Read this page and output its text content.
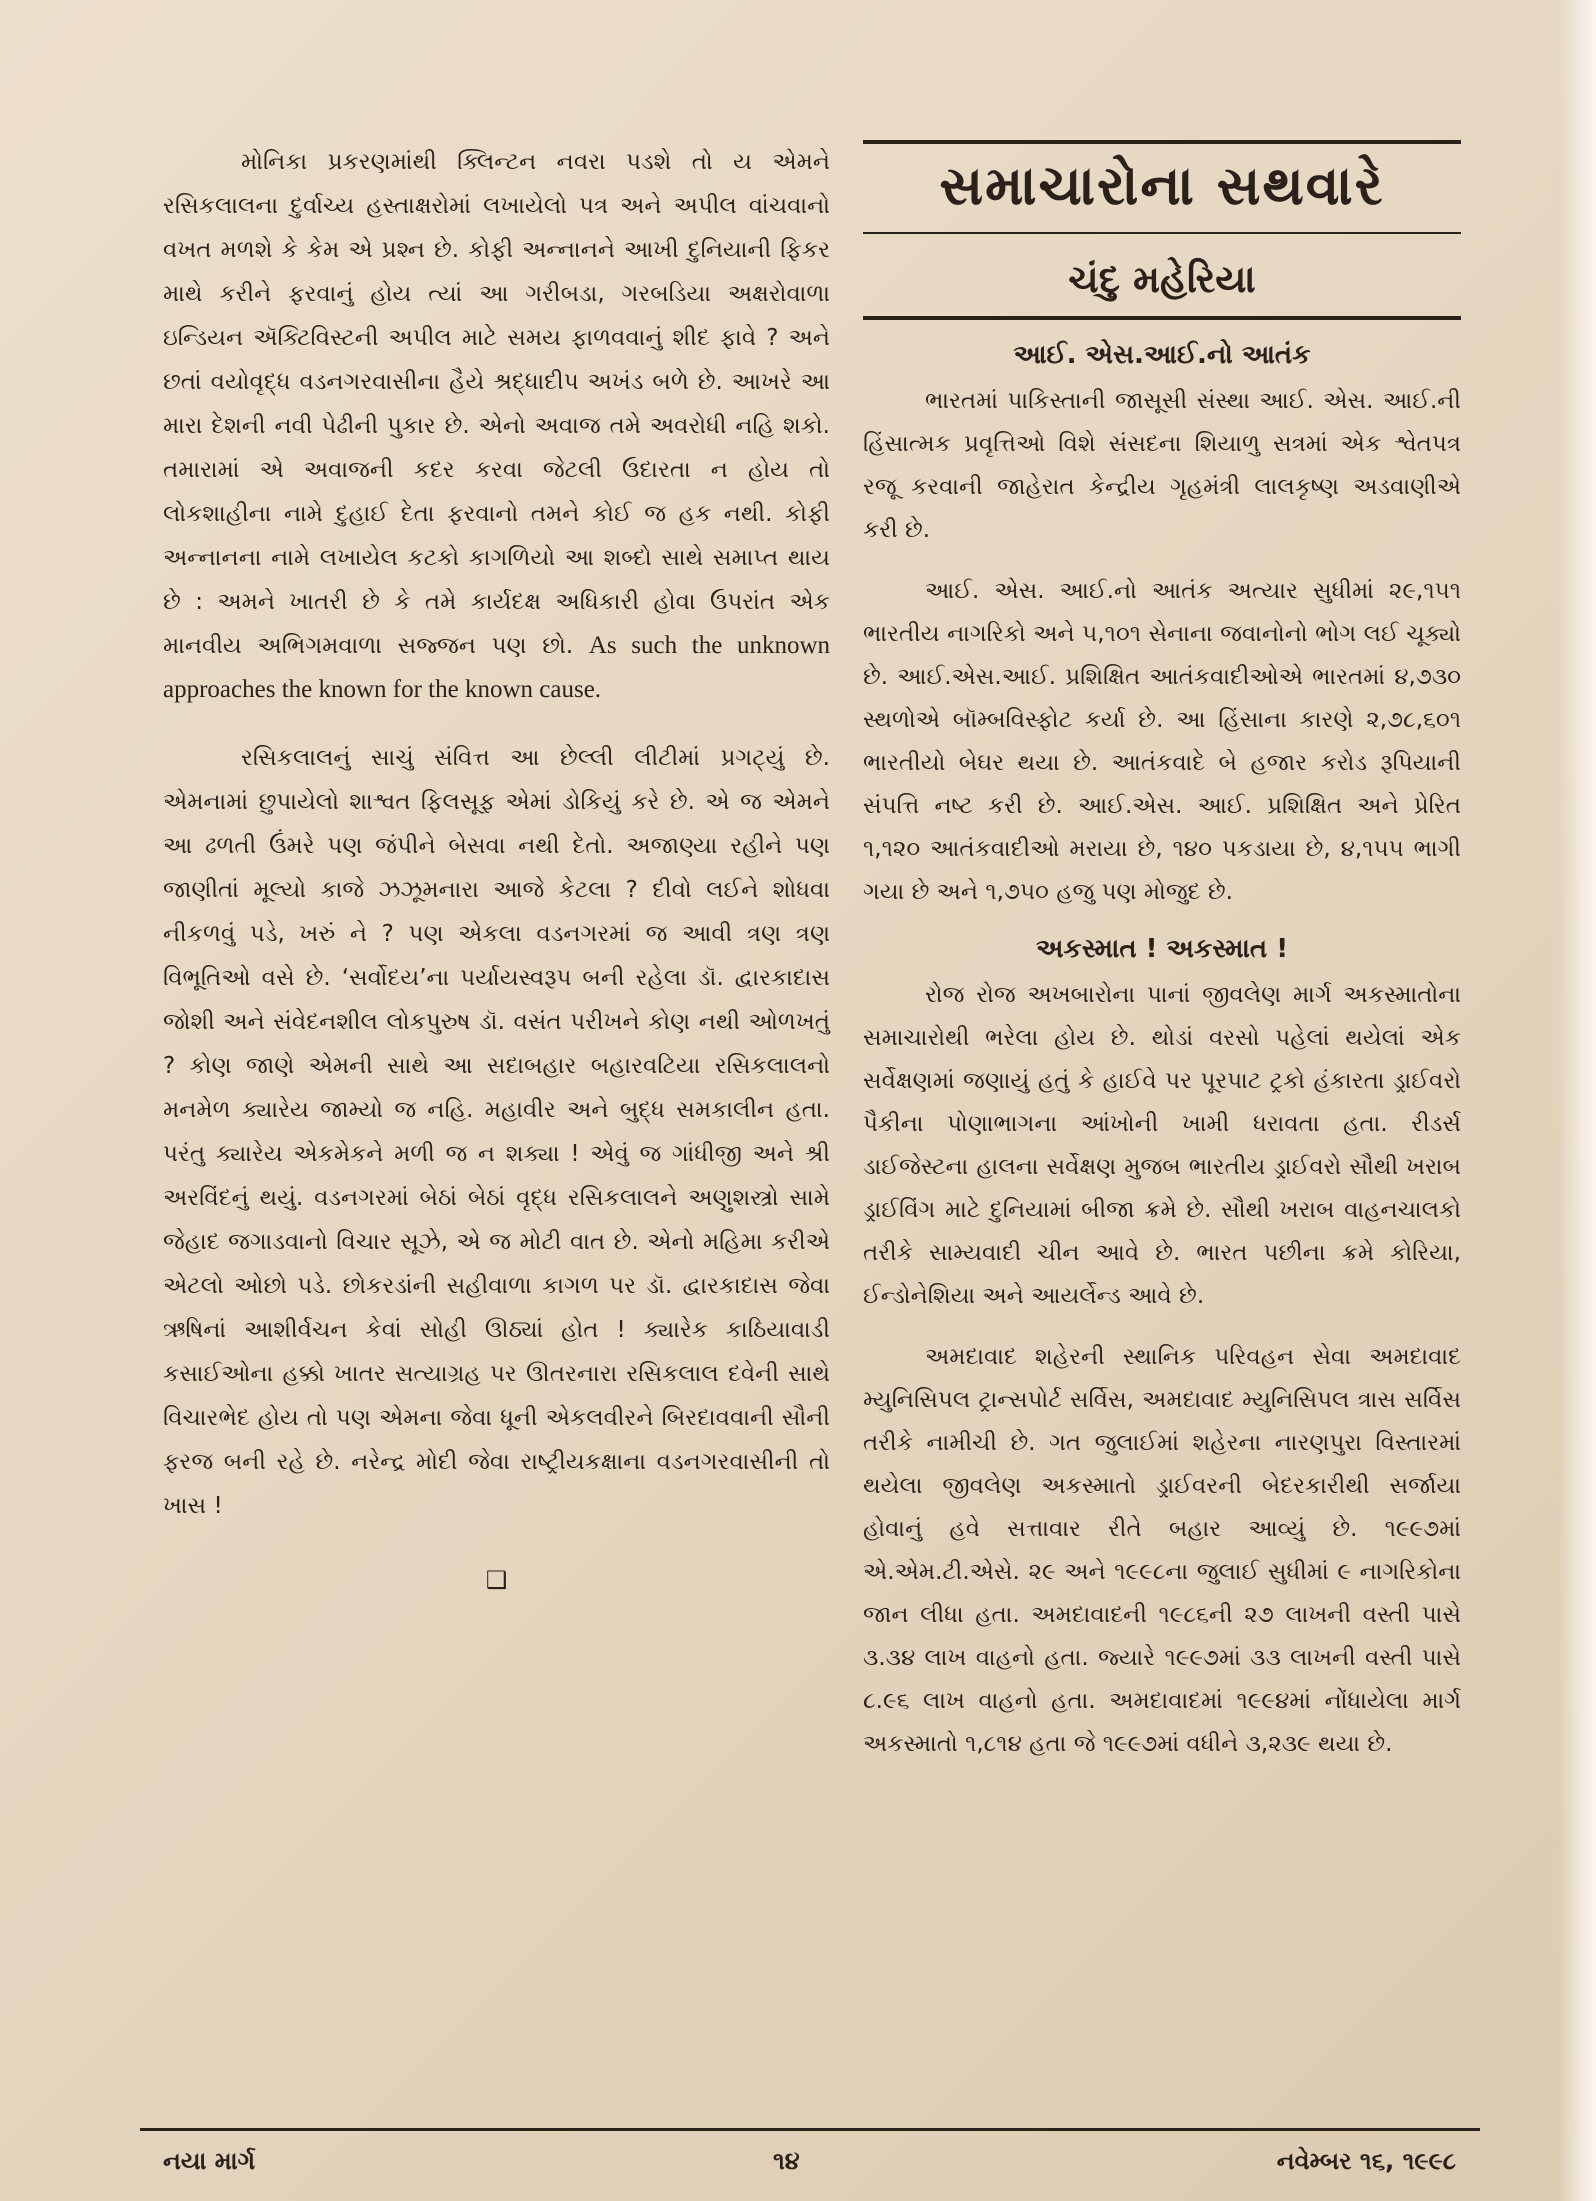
મોનિકા પ્રકરણમાંથી ક્લિન્ટન નવરા પડશે તો ય એમને રસિકલાલના દુર્વાચ્ય હસ્તાક્ષરોમાં લખાયેલો પત્ર અને અપીલ વાંચવાનો વખત મળશે કે કેમ એ પ્રશ્ન છે. કોફી અન્નાનને આખી દુનિયાની ફિકર માથે કરીને ફરવાનું હોય ત્યાં આ ગરીબડા, ગરબડિયા અક્ષરોવાળા ઇન્ડિયન ઍક્ટિવિસ્ટની અપીલ માટે સમય ફાળવવાનું શીદ ફાવે ? અને છતાં વયોવૃદ્ધ વડનગરવાસીના હૈયે શ્રદ્ધાદીપ અખંડ બળે છે. આખરે આ મારા દેશની નવી પેઢીની પુકાર છે. એનો અવાજ તમે અવરોધી નહિ શકો. તમારામાં એ અવાજની કદર કરવા જેટલી ઉદારતા ન હોય તો લોકશાહીના નામે દુહાઈ દેતા ફરવાનો તમને કોઈ જ હક નથી. કોફી અન્નાનના નામે લખાયેલ કટકો કાગળિયો આ શબ્દો સાથે સમાપ્ત થાય છે : અમને ખાતરી છે કે તમે કાર્યદક્ષ અધિકારી હોવા ઉપરાંત એક માનવીય અભિગમવાળા સજ્જન પણ છો. As such the unknown approaches the known for the known cause.

રસિકલાલનું સાચું સંવિત્ત આ છેલ્લી લીટીમાં પ્રગટ્યું છે. એમનામાં છુપાયેલો શાશ્વત ફિલસૂફ એમાં ડોકિયું કરે છે. એ જ એમને આ ઢળતી ઉંમરે પણ જંપીને બેસવા નથી દેતો. અજાણ્યા રહીને પણ જાણીતાં મૂલ્યો કાજે ઝઝૂમનારા આજે કેટલા ? દીવો લઈને શોધવા નીકળવું પડે, ખરું ને ? પણ એકલા વડનગરમાં જ આવી ત્રણ ત્રણ વિભૂતિઓ વસે છે. ‘સર્વોદય’ના પર્યાયસ્વરૂપ બની રહેલા ડૉ. દ્વારકાદાસ જોશી અને સંવેદનશીલ લોકપુરુષ ડૉ. વસંત પરીખને કોણ નથી ઓળખતું ? કોણ જાણે એમની સાથે આ સદાબહાર બહારવટિયા રસિકલાલનો મનમેળ ક્યારેય જામ્યો જ નહિ. મહાવીર અને બુદ્ધ સમકાલીન હતા. પરંતુ ક્યારેય એકમેકને મળી જ ન શક્યા ! એવું જ ગાંધીજી અને શ્રી અરવિંદનું થયું. વડનગરમાં બેઠાં બેઠાં વૃદ્ધ રસિકલાલને અણુશસ્ત્રો સામે જેહાદ જગાડવાનો વિચાર સૂઝે, એ જ મોટી વાત છે. એનો મહિમા કરીએ એટલો ઓછો પડે. છોકરડાંની સહીવાળા કાગળ પર ડૉ. દ્વારકાદાસ જેવા ઋષિનાં આશીર્વચન કેવાં સોહી ઊઠ્યાં હોત ! ક્યારેક કાઠિયાવાડી કસાઈઓના હક્કો ખાતર સત્યાગ્રહ પર ઊતરનારા રસિકલાલ દવેની સાથે વિચારભેદ હોય તો પણ એમના જેવા ધૂની એકલવીરને બિરદાવવાની સૌની ફરજ બની રહે છે. નરેન્દ્ર મોદી જેવા રાષ્ટ્રીયકક્ષાના વડનગરવાસીની તો ખાસ !

❑
સમાચારોના સથવારે
ચંદુ મહેરિયા
આઈ. એસ.આઈ.નો આતંક

ભારતમાં પાકિસ્તાની જાસૂસી સંસ્થા આઈ. એસ. આઈ.ની હિંસાત્મક પ્રવૃત્તિઓ વિશે સંસદના શિયાળુ સત્રમાં એક શ્વેતપત્ર રજૂ કરવાની જાહેરાત કેન્દ્રીય ગૃહમંત્રી લાલકૃષ્ણ અડવાણીએ કરી છે.

આઈ. એસ. આઈ.નો આતંક અત્યાર સુધીમાં ૨૯,૧૫૧ ભારતીય નાગરિકો અને ૫,૧૦૧ સેનાના જવાનોનો ભોગ લઈ ચૂક્યો છે. આઈ.એસ.આઈ. પ્રશિક્ષિત આતંકવાદીઓએ ભારતમાં ૪,૭૩૦ સ્થળોએ બૉમ્બવિસ્ફોટ કર્યા છે. આ હિંસાના કારણે ૨,૭૮,૬૦૧ ભારતીયો બેઘર થયા છે. આતંકવાદે બે હજાર કરોડ રૂપિયાની સંપત્તિ નષ્ટ કરી છે. આઈ.એસ. આઈ. પ્રશિક્ષિત અને પ્રેરિત ૧,૧૨૦ આતંકવાદીઓ મરાયા છે, ૧૪૦ પકડાયા છે, ૪,૧૫૫ ભાગી ગયા છે અને ૧,૭૫૦ હજુ પણ મોજુદ છે.

અકસ્માત ! અકસ્માત !

રોજ રોજ અખબારોના પાનાં જીવલેણ માર્ગ અકસ્માતોના સમાચારોથી ભરેલા હોય છે. થોડાં વરસો પહેલાં થયેલાં એક સર્વેક્ષણમાં જણાયું હતું કે હાઈવે પર પૂરપાટ ટ્રકો હંકારતા ડ્રાઈવરો પૈકીના પોણાભાગના આંખોની ખામી ધરાવતા હતા. રીડર્સ ડાઈજેસ્ટના હાલના સર્વેક્ષણ મુજબ ભારતીય ડ્રાઈવરો સૌથી ખરાબ ડ્રાઈવિંગ માટે દુનિયામાં બીજા ક્રમે છે. સૌથી ખરાબ વાહનચાલકો તરીકે સામ્યવાદી ચીન આવે છે. ભારત પછીના ક્રમે કોરિયા, ઈન્ડોનેશિયા અને આયર્લેન્ડ આવે છે.

અમદાવાદ શહેરની સ્થાનિક પરિવહન સેવા અમદાવાદ મ્યુનિસિપલ ટ્રાન્સપોર્ટ સર્વિસ, અમદાવાદ મ્યુનિસિપલ ત્રાસ સર્વિસ તરીકે નામીચી છે. ગત જુલાઈમાં શહેરના નારણપુરા વિસ્તારમાં થયેલા જીવલેણ અકસ્માતો ડ્રાઈવરની બેદરકારીથી સર્જાયા હોવાનું હવે સત્તાવાર રીતે બહાર આવ્યું છે. ૧૯૯૭માં એ.એમ.ટી.એસે. ૨૯ અને ૧૯૯૮ના જુલાઈ સુધીમાં ૯ નાગરિકોના જાન લીધા હતા. અમદાવાદની ૧૯૮૬ની ૨૭ લાખની વસ્તી પાસે ૩.૩૪ લાખ વાહનો હતા. જ્યારે ૧૯૯૭માં ૩૩ લાખની વસ્તી પાસે ૮.૯૬ લાખ વાહનો હતા. અમદાવાદમાં ૧૯૯૪માં નોંધાયેલા માર્ગ અકસ્માતો ૧,૮૧૪ હતા જે ૧૯૯૭માં વધીને ૩,૨૩૯ થયા છે.

નયા માર્ગ	૧૪	નવેમ્બર ૧૬, ૧૯૯૮
